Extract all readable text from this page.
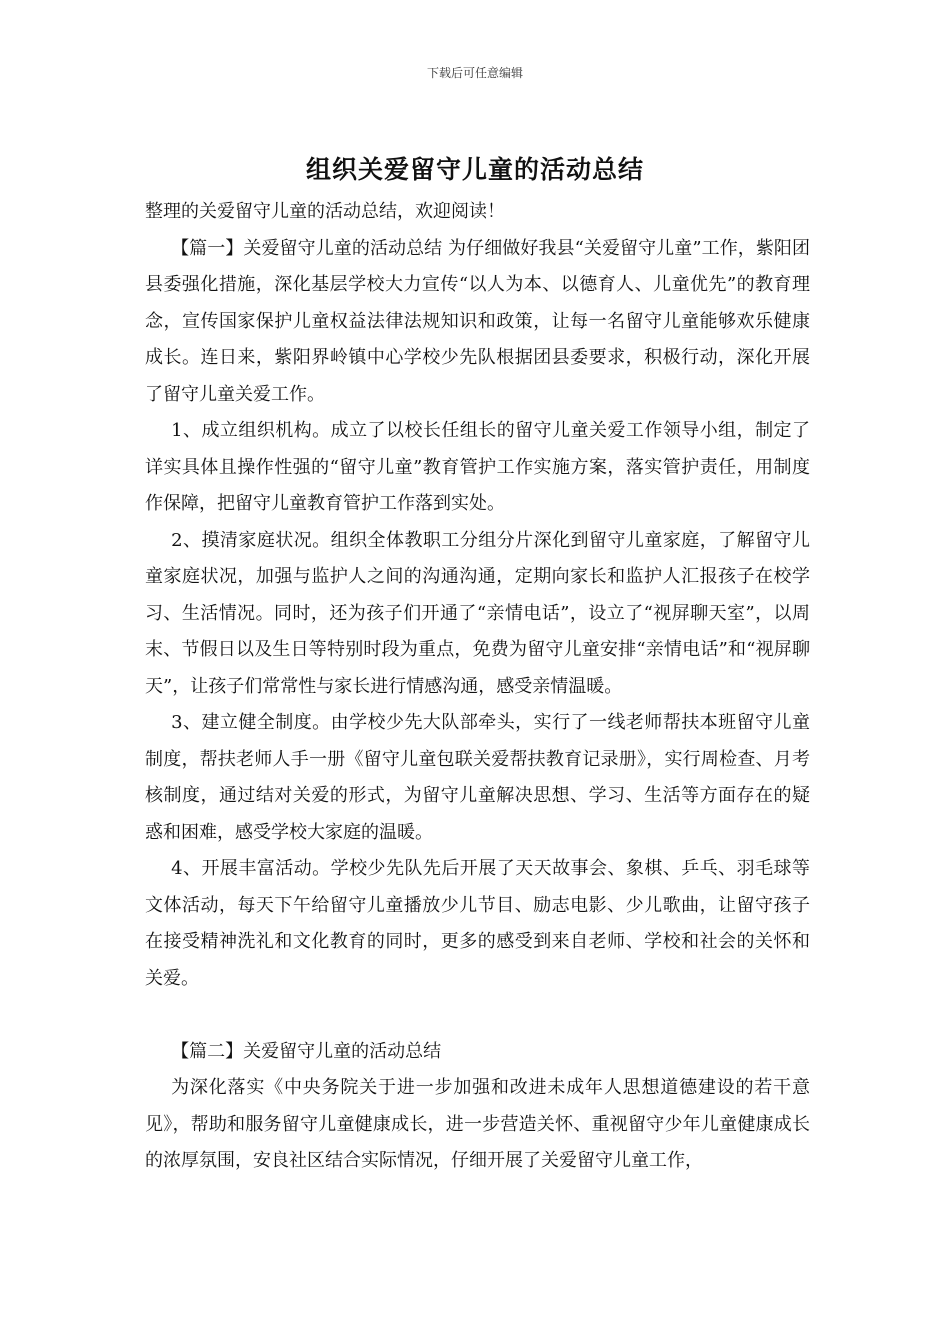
下载后可任意编辑
组织关爱留守儿童的活动总结

整理的关爱留守儿童的活动总结，欢迎阅读！

【篇一】关爱留守儿童的活动总结 为仔细做好我县“关爱留守儿童”工作，紫阳团县委强化措施，深化基层学校大力宣传“以人为本、以德育人、儿童优先”的教育理念，宣传国家保护儿童权益法律法规知识和政策，让每一名留守儿童能够欢乐健康成长。连日来，紫阳界岭镇中心学校少先队根据团县委要求，积极行动，深化开展了留守儿童关爱工作。

1、成立组织机构。成立了以校长任组长的留守儿童关爱工作领导小组，制定了详实具体且操作性强的“留守儿童”教育管护工作实施方案，落实管护责任，用制度作保障，把留守儿童教育管护工作落到实处。

2、摸清家庭状况。组织全体教职工分组分片深化到留守儿童家庭，了解留守儿童家庭状况，加强与监护人之间的沟通沟通，定期向家长和监护人汇报孩子在校学习、生活情况。同时，还为孩子们开通了“亲情电话”，设立了“视屏聊天室”，以周末、节假日以及生日等特别时段为重点，免费为留守儿童安排“亲情电话”和“视屏聊天”，让孩子们常常性与家长进行情感沟通，感受亲情温暖。

3、建立健全制度。由学校少先大队部牵头，实行了一线老师帮扶本班留守儿童制度，帮扶老师人手一册《留守儿童包联关爱帮扶教育记录册》，实行周检查、月考核制度，通过结对关爱的形式，为留守儿童解决思想、学习、生活等方面存在的疑惑和困难，感受学校大家庭的温暖。

4、开展丰富活动。学校少先队先后开展了天天故事会、象棋、乒乓、羽毛球等文体活动，每天下午给留守儿童播放少儿节目、励志电影、少儿歌曲，让留守孩子在接受精神洗礼和文化教育的同时，更多的感受到来自老师、学校和社会的关怀和关爱。

【篇二】关爱留守儿童的活动总结

为深化落实《中央务院关于进一步加强和改进未成年人思想道德建设的若干意见》，帮助和服务留守儿童健康成长，进一步营造关怀、重视留守少年儿童健康成长的浓厚氛围，安良社区结合实际情况，仔细开展了关爱留守儿童工作，
